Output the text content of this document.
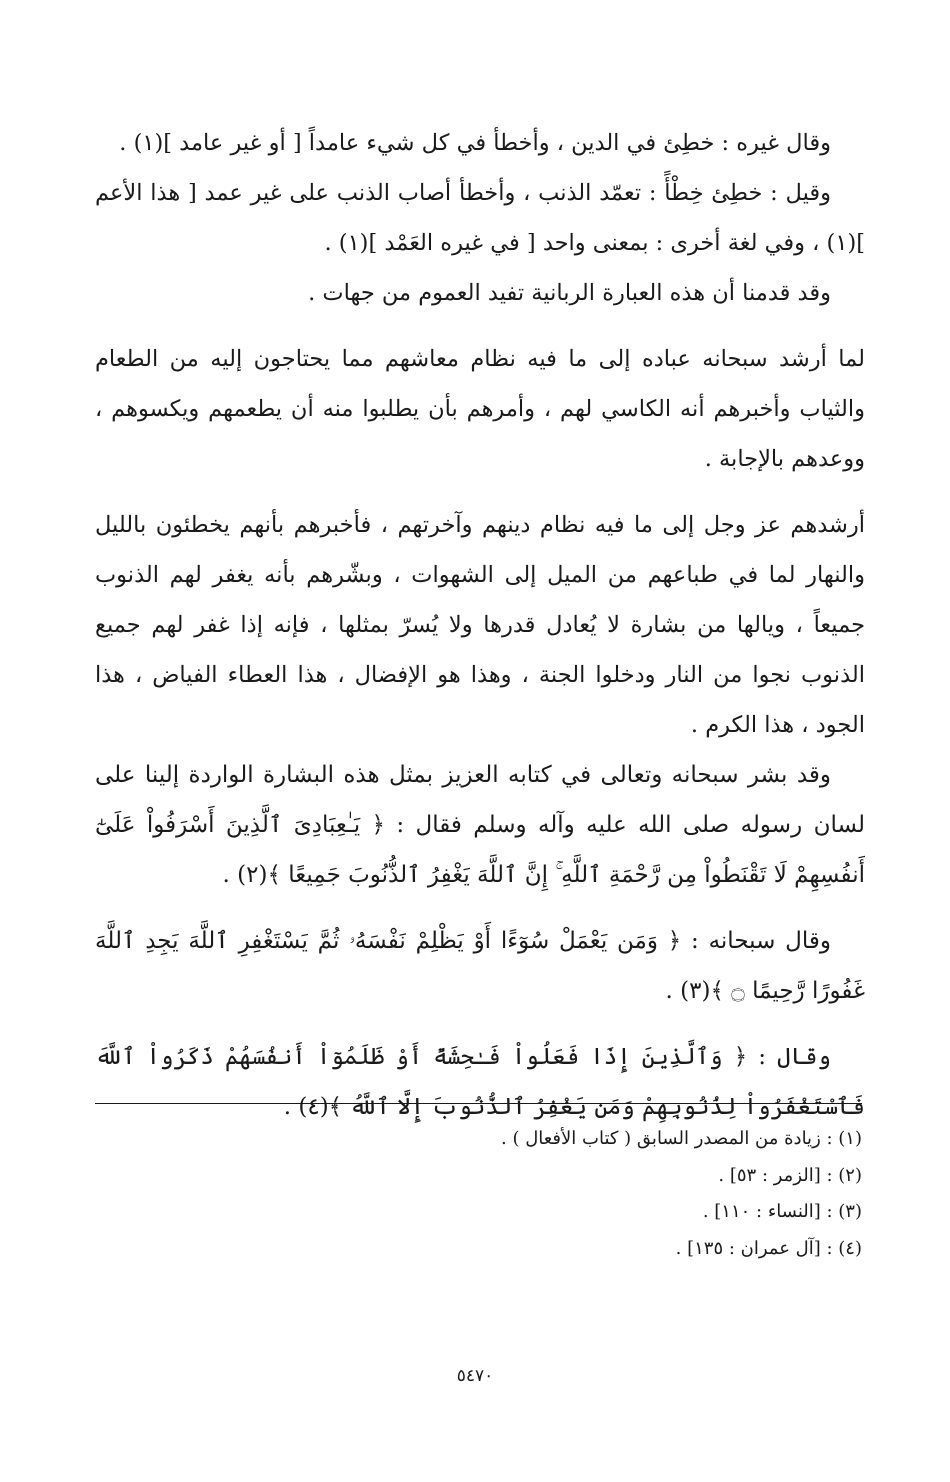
وقال غيره : خطِئ في الدين ، وأخطأ في كل شيء عامداً [ أو غير عامد ](١) .

وقيل : خطِئ خِطْأً : تعمّد الذنب ، وأخطأ أصاب الذنب على غير عمد [ هذا الأعم ](١) ، وفي لغة أخرى : بمعنى واحد [ في غيره العَمْد ](١) .

وقد قدمنا أن هذه العبارة الربانية تفيد العموم من جهات .

لما أرشد سبحانه عباده إلى ما فيه نظام معاشهم مما يحتاجون إليه من الطعام والثياب وأخبرهم أنه الكاسي لهم ، وأمرهم بأن يطلبوا منه أن يطعمهم ويكسوهم ، ووعدهم بالإجابة .

أرشدهم عز وجل إلى ما فيه نظام دينهم وآخرتهم ، فأخبرهم بأنهم يخطئون بالليل والنهار لما في طباعهم من الميل إلى الشهوات ، وبشّرهم بأنه يغفر لهم الذنوب جميعاً ، ويالها من بشارة لا يُعادل قدرها ولا يُسرّ بمثلها ، فإنه إذا غفر لهم جميع الذنوب نجوا من النار ودخلوا الجنة ، وهذا هو الإفضال ، هذا العطاء الفياض ، هذا الجود ، هذا الكرم .

وقد بشر سبحانه وتعالى في كتابه العزيز بمثل هذه البشارة الواردة إلينا على لسان رسوله صلى الله عليه وآله وسلم فقال : ﴿ يَـٰعِبَادِىَ ٱلَّذِينَ أَسْرَفُواْ عَلَىٰٓ أَنفُسِهِمْ لَا تَقْنَطُواْ مِن رَّحْمَةِ ٱللَّهِ ۚ إِنَّ ٱللَّهَ يَغْفِرُ ٱلذُّنُوبَ جَمِيعًا ﴾(٢) .

وقال سبحانه : ﴿ وَمَن يَعْمَلْ سُوٓءًا أَوْ يَظْلِمْ نَفْسَهُۥ ثُمَّ يَسْتَغْفِرِ ٱللَّهَ يَجِدِ ٱللَّهَ غَفُورًا رَّحِيمًا ۝ ﴾(٣) .

وقال : ﴿ وَٱلَّذِينَ إِذَا فَعَلُواْ فَـٰحِشَةً أَوْ ظَلَمُوٓاْ أَنفُسَهُمْ ذَكَرُواْ ٱللَّهَ فَٱسْتَغْفَرُواْ لِذُنُوبِهِمْ وَمَن يَغْفِرُ ٱلذُّنُوبَ إِلَّا ٱللَّهُ ﴾(٤) .

(١) : زيادة من المصدر السابق ( كتاب الأفعال ) .

(٢) : [الزمر : ٥٣] .

(٣) : [النساء : ١١٠] .

(٤) : [آل عمران : ١٣٥] .

٥٤٧٠
